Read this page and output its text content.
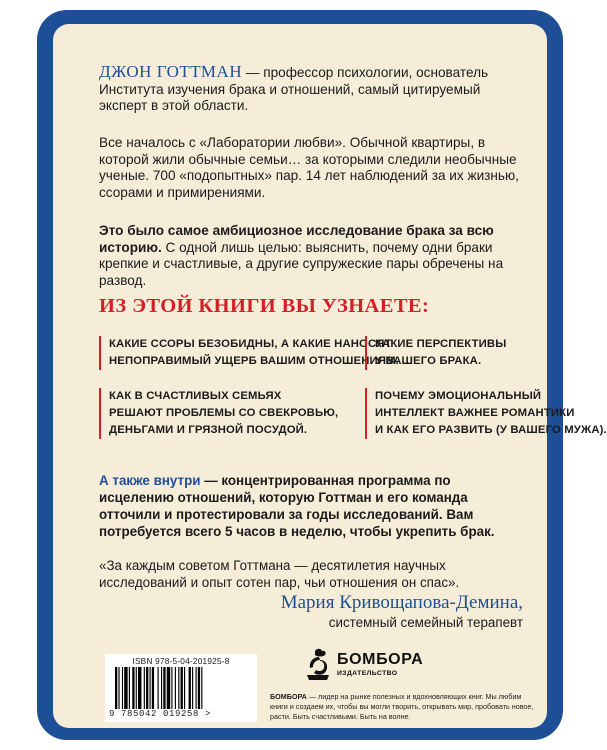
ДЖОН ГОТТМАН — профессор психологии, основатель Института изучения брака и отношений, самый цитируемый эксперт в этой области.

Все началось с «Лаборатории любви». Обычной квартиры, в которой жили обычные семьи… за которыми следили необычные ученые. 700 «подопытных» пар. 14 лет наблюдений за их жизнью, ссорами и примирениями.

Это было самое амбициозное исследование брака за всю историю. С одной лишь целью: выяснить, почему одни браки крепкие и счастливые, а другие супружеские пары обречены на развод.

ИЗ ЭТОЙ КНИГИ ВЫ УЗНАЕТЕ:
КАКИЕ ССОРЫ БЕЗОБИДНЫ, А КАКИЕ НАНОСЯТ
НЕПОПРАВИМЫЙ УЩЕРБ ВАШИМ ОТНОШЕНИЯМ.
КАКИЕ ПЕРСПЕКТИВЫ
У ВАШЕГО БРАКА.
КАК В СЧАСТЛИВЫХ СЕМЬЯХ
РЕШАЮТ ПРОБЛЕМЫ СО СВЕКРОВЬЮ,
ДЕНЬГАМИ И ГРЯЗНОЙ ПОСУДОЙ.
ПОЧЕМУ ЭМОЦИОНАЛЬНЫЙ
ИНТЕЛЛЕКТ ВАЖНЕЕ РОМАНТИКИ
И КАК ЕГО РАЗВИТЬ (У ВАШЕГО МУЖА).

А также внутри — концентрированная программа по исцелению отношений, которую Готтман и его команда отточили и протестировали за годы исследований. Вам потребуется всего 5 часов в неделю, чтобы укрепить брак.

«За каждым советом Готтмана — десятилетия научных исследований и опыт сотен пар, чьи отношения он спас».

Мария Кривощапова-Демина,
системный семейный терапевт

ISBN 978-5-04-201925-8
9 785042 019258 >
БОМБОРА
ИЗДАТЕЛЬСТВО

БОМБОРА — лидер на рынке полезных и вдохновляющих книг. Мы любим книги и создаем их, чтобы вы могли творить, открывать мир, пробовать новое, расти. Быть счастливыми. Быть на волне.
